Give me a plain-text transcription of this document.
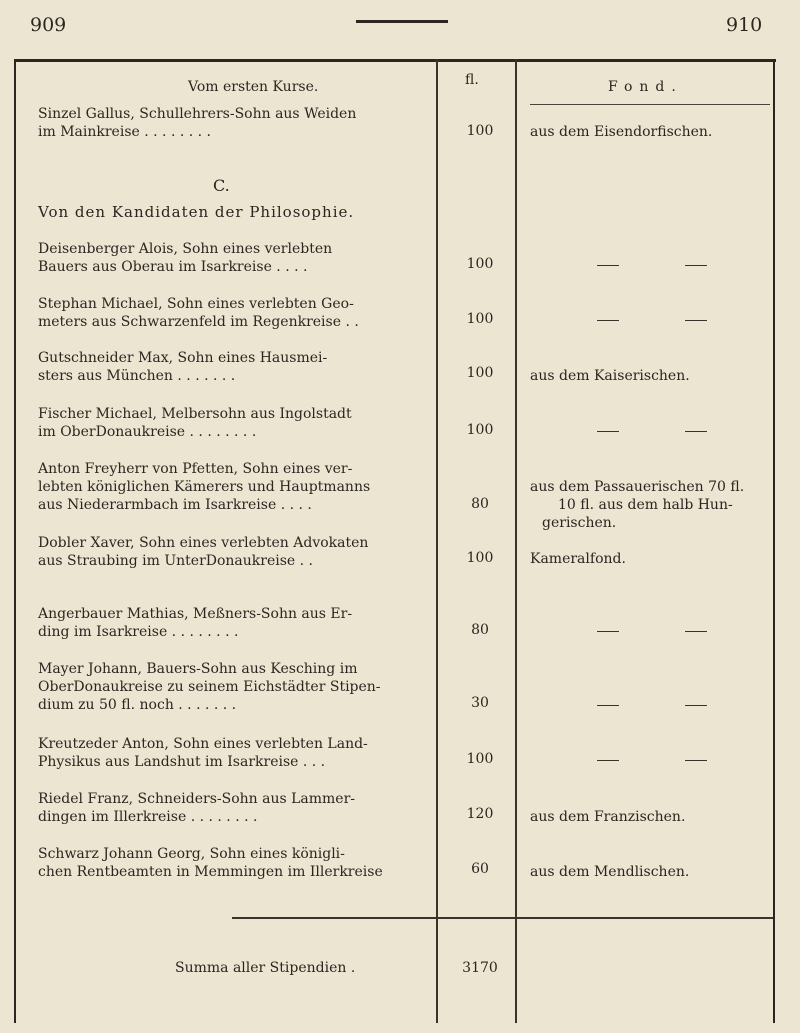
909	910
Vom ersten Kurse.	fl.	Fond.
C.
Von den Kandidaten der Philosophie.
Sinzel Gallus, Schullehrers-Sohn aus Weiden
im Mainkreise . . . . . . . .	100	aus dem Eisendorfischen.
Deisenberger Alois, Sohn eines verlebten
Bauers aus Oberau im Isarkreise . . . .	100
Stephan Michael, Sohn eines verlebten Geo-
meters aus Schwarzenfeld im Regenkreise . .	100
Gutschneider Max, Sohn eines Hausmei-
sters aus München . . . . . . .	100	aus dem Kaiserischen.
Fischer Michael, Melbersohn aus Ingolstadt
im OberDonaukreise . . . . . . . .	100
Anton Freyherr von Pfetten, Sohn eines ver-
lebten königlichen Kämerers und Hauptmanns
aus Niederarmbach im Isarkreise . . . .	80
aus dem Passauerischen 70 fl.
10 fl. aus dem halb Hun-
gerischen.
Dobler Xaver, Sohn eines verlebten Advokaten
aus Straubing im UnterDonaukreise . .	100	Kameralfond.
Angerbauer Mathias, Meßners-Sohn aus Er-
ding im Isarkreise . . . . . . . .	80
Mayer Johann, Bauers-Sohn aus Kesching im
OberDonaukreise zu seinem Eichstädter Stipen-
dium zu 50 fl. noch . . . . . . .	30
Kreutzeder Anton, Sohn eines verlebten Land-
Physikus aus Landshut im Isarkreise . . .	100
Riedel Franz, Schneiders-Sohn aus Lammer-
dingen im Illerkreise . . . . . . . .	120	aus dem Franzischen.
Schwarz Johann Georg, Sohn eines königli-
chen Rentbeamten in Memmingen im Illerkreise	60	aus dem Mendlischen.
Summa aller Stipendien .	3170
